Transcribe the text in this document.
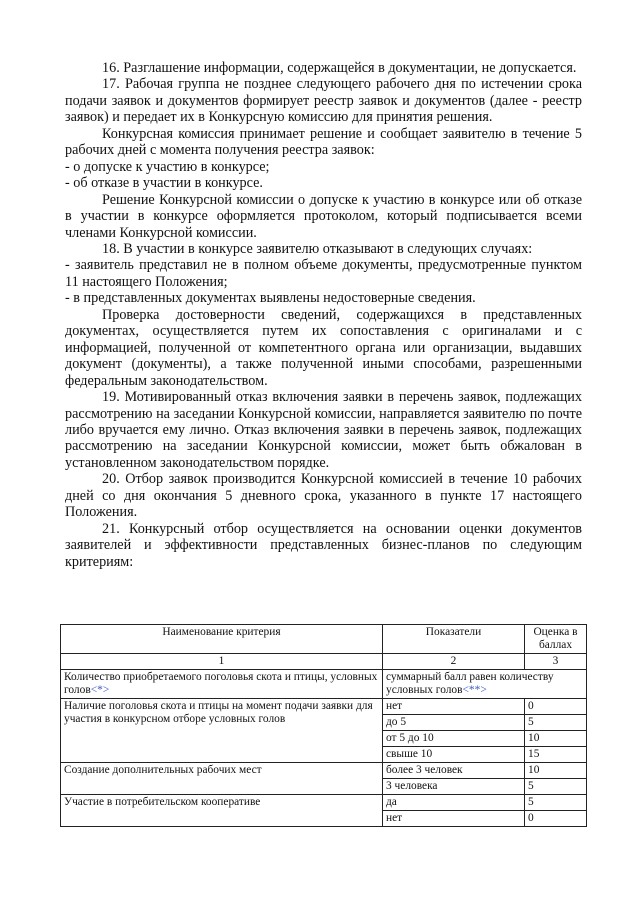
16. Разглашение информации, содержащейся в документации, не допускается.

17. Рабочая группа не позднее следующего рабочего дня по истечении срока подачи заявок и документов формирует реестр заявок и документов (далее - реестр заявок) и передает их в Конкурсную комиссию для принятия решения.

Конкурсная комиссия принимает решение и сообщает заявителю в течение 5 рабочих дней с момента получения реестра заявок:

- о допуске к участию в конкурсе;

- об отказе в участии в конкурсе.

Решение Конкурсной комиссии о допуске к участию в конкурсе или об отказе в участии в конкурсе оформляется протоколом, который подписывается всеми членами Конкурсной комиссии.

18. В участии в конкурсе заявителю отказывают в следующих случаях:

- заявитель представил не в полном объеме документы, предусмотренные пунктом 11 настоящего Положения;

- в представленных документах выявлены недостоверные сведения.

Проверка достоверности сведений, содержащихся в представленных документах, осуществляется путем их сопоставления с оригиналами и с информацией, полученной от компетентного органа или организации, выдавших документ (документы), а также полученной иными способами, разрешенными федеральным законодательством.

19. Мотивированный отказ включения заявки в перечень заявок, подлежащих рассмотрению на заседании Конкурсной комиссии, направляется заявителю по почте либо вручается ему лично. Отказ включения заявки в перечень заявок, подлежащих рассмотрению на заседании Конкурсной комиссии, может быть обжалован в установленном законодательством порядке.

20. Отбор заявок производится Конкурсной комиссией в течение 10 рабочих дней со дня окончания 5 дневного срока, указанного в пункте 17 настоящего Положения.

21. Конкурсный отбор осуществляется на основании оценки документов заявителей и эффективности представленных бизнес-планов по следующим критериям:

Наименование критерия	Показатели	Оценка в баллах
1	2	3
Количество приобретаемого поголовья скота и птицы, условных голов<*>	суммарный балл равен количеству условных голов<**>	
Наличие поголовья скота и птицы на момент подачи заявки для участия в конкурсном отборе условных голов	нет	0
	до 5	5
	от 5 до 10	10
	свыше 10	15
Создание дополнительных рабочих мест	более 3 человек	10
	3 человека	5
Участие в потребительском кооперативе	да	5
	нет	0
